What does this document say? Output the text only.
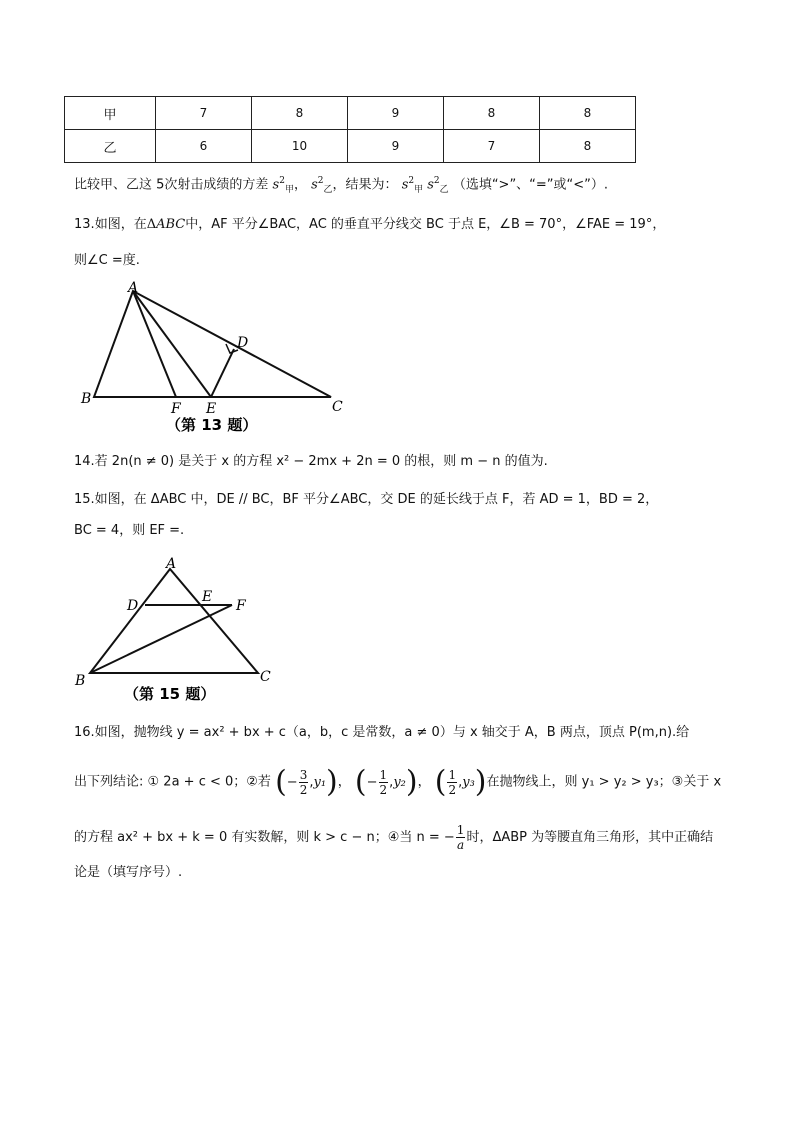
甲	7	8	9	8	8
乙	6	10	9	7	8
比较甲、乙这 5次射击成绩的方差 $s^2_甲$， $s^2_乙$，结果为： $s^2_甲$ $s^2_乙$ （选填“>”、“=”或“<”）.
13.如图，在ΔABC中，AF 平分∠BAC，AC 的垂直平分线交 BC 于点 E，∠B = 70°，∠FAE = 19°，
则∠C =度.
A
B	C
D
E
F
（第 13 题）
14.若 2n(n ≠ 0) 是关于 x 的方程 x² − 2mx + 2n = 0 的根，则 m − n 的值为.
15.如图，在 ΔABC 中，DE // BC，BF 平分∠ABC，交 DE 的延长线于点 F，若 AD = 1，BD = 2，
BC = 4，则 EF =.
A
D
E
F
B	C
（第 15 题）
16.如图，抛物线 y = ax² + bx + c（a，b，c 是常数，a ≠ 0）与 x 轴交于 A，B 两点，顶点 P(m,n).给
出下列结论: ① 2a + c < 0；②若 (− $\frac{3}{2} ,y_1$)， (− $\frac{1}{2} ,y_2$)， ( $\frac{1}{2} ,y_3$)在抛物线上，则 y₁ > y₂ > y₃；③关于 x
的方程 ax² + bx + k = 0 有实数解，则 k > c − n；④当 n = − $\frac{1}{a}$ 时，ΔABP 为等腰直角三角形，其中正确结
论是（填写序号）.
